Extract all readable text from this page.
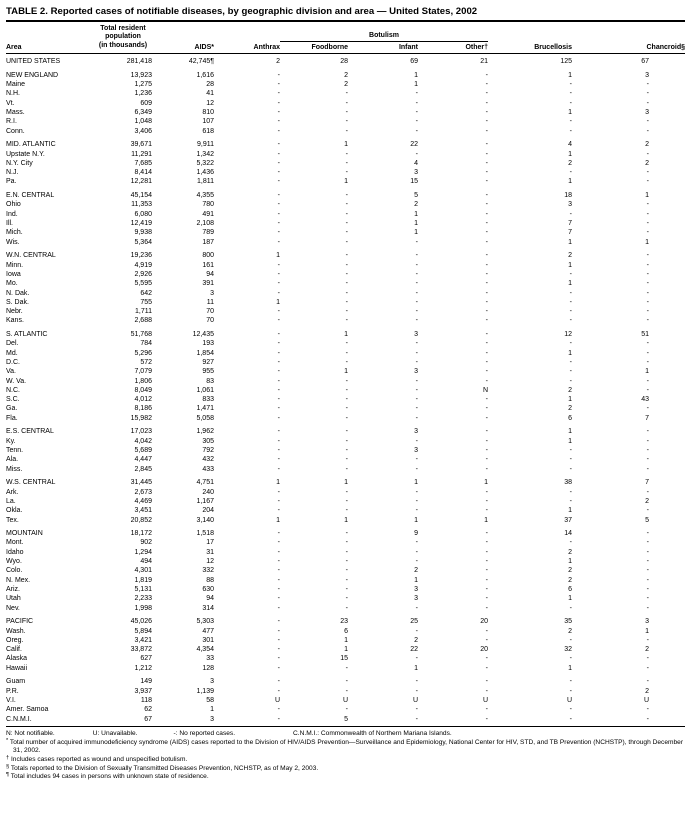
TABLE 2. Reported cases of notifiable diseases, by geographic division and area — United States, 2002
	Total resident
population			Botulism				
Area	(in thousands)	AIDS*	Anthrax	Foodborne	Infant	Other†	Brucellosis	Chancroid§
UNITED STATES	281,418	42,745¶	2	28	69	21	125	67

NEW ENGLAND	13,923	1,616	-	2	1	-	1	3
Maine	1,275	28	-	2	1	-	-	-
N.H.	1,236	41	-	-	-	-	-	-
Vt.	609	12	-	-	-	-	-	-
Mass.	6,349	810	-	-	-	-	1	3
R.I.	1,048	107	-	-	-	-	-	-
Conn.	3,406	618	-	-	-	-	-	-

MID. ATLANTIC	39,671	9,911	-	1	22	-	4	2
Upstate N.Y.	11,291	1,342	-	-	-	-	1	-
N.Y. City	7,685	5,322	-	-	4	-	2	2
N.J.	8,414	1,436	-	-	3	-	-	-
Pa.	12,281	1,811	-	1	15	-	1	-

E.N. CENTRAL	45,154	4,355	-	-	5	-	18	1
Ohio	11,353	780	-	-	2	-	3	-
Ind.	6,080	491	-	-	1	-	-	-
Ill.	12,419	2,108	-	-	1	-	7	-
Mich.	9,938	789	-	-	1	-	7	-
Wis.	5,364	187	-	-	-	-	1	1

W.N. CENTRAL	19,236	800	1	-	-	-	2	-
Minn.	4,919	161	-	-	-	-	1	-
Iowa	2,926	94	-	-	-	-	-	-
Mo.	5,595	391	-	-	-	-	1	-
N. Dak.	642	3	-	-	-	-	-	-
S. Dak.	755	11	1	-	-	-	-	-
Nebr.	1,711	70	-	-	-	-	-	-
Kans.	2,688	70	-	-	-	-	-	-

S. ATLANTIC	51,768	12,435	-	1	3	-	12	51
Del.	784	193	-	-	-	-	-	-
Md.	5,296	1,854	-	-	-	-	1	-
D.C.	572	927	-	-	-	-	-	-
Va.	7,079	955	-	1	3	-	-	1
W. Va.	1,806	83	-	-	-	-	-	-
N.C.	8,049	1,061	-	-	-	N	2	-
S.C.	4,012	833	-	-	-	-	1	43
Ga.	8,186	1,471	-	-	-	-	2	-
Fla.	15,982	5,058	-	-	-	-	6	7

E.S. CENTRAL	17,023	1,962	-	-	3	-	1	-
Ky.	4,042	305	-	-	-	-	1	-
Tenn.	5,689	792	-	-	3	-	-	-
Ala.	4,447	432	-	-	-	-	-	-
Miss.	2,845	433	-	-	-	-	-	-

W.S. CENTRAL	31,445	4,751	1	1	1	1	38	7
Ark.	2,673	240	-	-	-	-	-	-
La.	4,469	1,167	-	-	-	-	-	2
Okla.	3,451	204	-	-	-	-	1	-
Tex.	20,852	3,140	1	1	1	1	37	5

MOUNTAIN	18,172	1,518	-	-	9	-	14	-
Mont.	902	17	-	-	-	-	-	-
Idaho	1,294	31	-	-	-	-	2	-
Wyo.	494	12	-	-	-	-	1	-
Colo.	4,301	332	-	-	2	-	2	-
N. Mex.	1,819	88	-	-	1	-	2	-
Ariz.	5,131	630	-	-	3	-	6	-
Utah	2,233	94	-	-	3	-	1	-
Nev.	1,998	314	-	-	-	-	-	-

PACIFIC	45,026	5,303	-	23	25	20	35	3
Wash.	5,894	477	-	6	-	-	2	1
Oreg.	3,421	301	-	1	2	-	-	-
Calif.	33,872	4,354	-	1	22	20	32	2
Alaska	627	33	-	15	-	-	-	-
Hawaii	1,212	128	-	-	1	-	1	-

Guam	149	3	-	-	-	-	-	-
P.R.	3,937	1,139	-	-	-	-	-	2
V.I.	118	58	U	U	U	U	U	U
Amer. Samoa	62	1	-	-	-	-	-	-
C.N.M.I.	67	3	-	5	-	-	-	-
N: Not notifiable.	U: Unavailable.	-: No reported cases.	C.N.M.I.: Commonwealth of Northern Mariana Islands.

* Total number of acquired immunodeficiency syndrome (AIDS) cases reported to the Division of HIV/AIDS Prevention—Surveillance and Epidemiology, National Center for HIV, STD, and TB Prevention (NCHSTP), through December 31, 2002.

† Includes cases reported as wound and unspecified botulism.

§ Totals reported to the Division of Sexually Transmitted Diseases Prevention, NCHSTP, as of May 2, 2003.

¶ Total includes 94 cases in persons with unknown state of residence.
